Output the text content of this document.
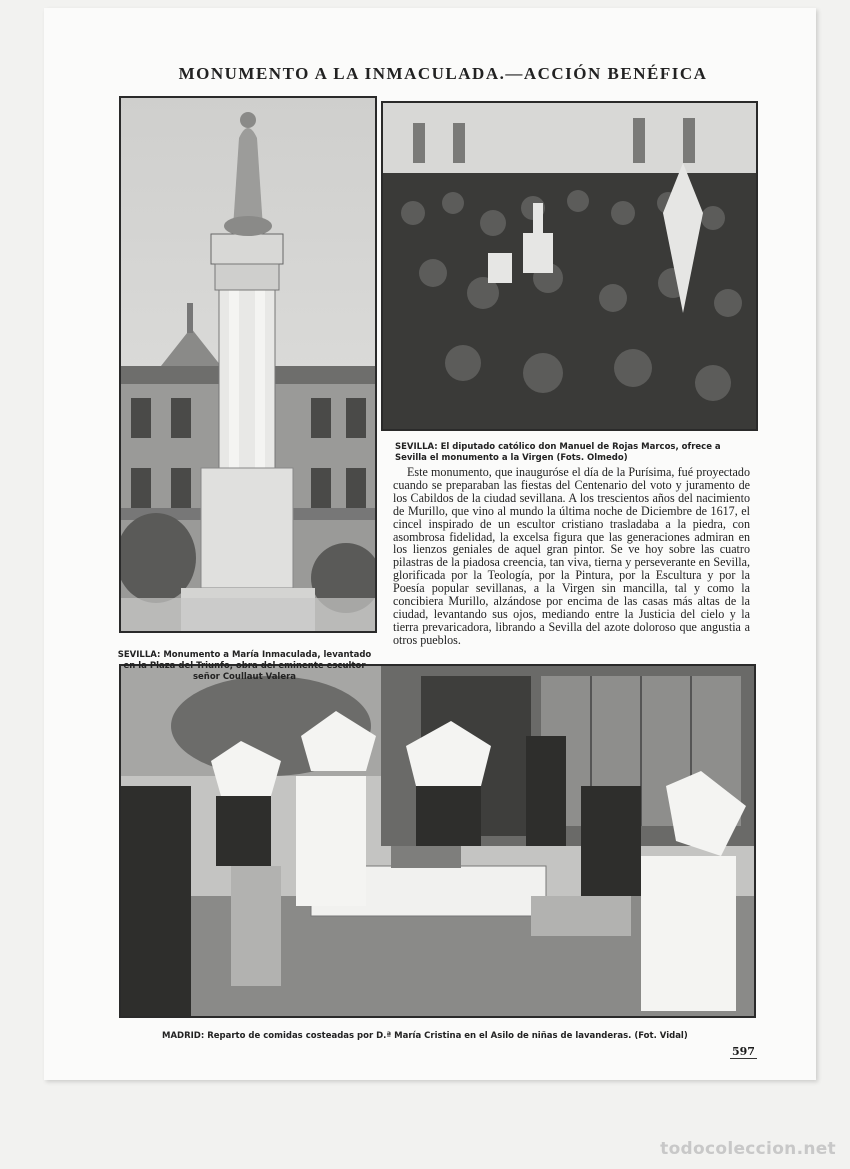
MONUMENTO A LA INMACULADA.—ACCIÓN BENÉFICA
SEVILLA: Monumento a María Inmaculada, levantado en la Plaza del Triunfo, obra del eminente escultor señor Coullaut Valera
SEVILLA: El diputado católico don Manuel de Rojas Marcos, ofrece a Sevilla el monumento a la Virgen (Fots. Olmedo)
Este monumento, que inauguróse el día de la Purísima, fué proyectado cuando se preparaban las fiestas del Centenario del voto y juramento de los Cabildos de la ciudad sevillana. A los trescientos años del nacimiento de Murillo, que vino al mundo la última noche de Diciembre de 1617, el cincel inspirado de un escultor cristiano trasladaba a la piedra, con asombrosa fidelidad, la excelsa figura que las generaciones admiran en los lienzos geniales de aquel gran pintor. Se ve hoy sobre las cuatro pilastras de la piadosa creencia, tan viva, tierna y perseverante en Sevilla, glorificada por la Teología, por la Pintura, por la Escultura y por la Poesía popular sevillanas, a la Virgen sin mancilla, tal y como la concibiera Murillo, alzándose por encima de las casas más altas de la ciudad, levantando sus ojos, mediando entre la Justicia del cielo y la tierra prevaricadora, librando a Sevilla del azote doloroso que angustia a otros pueblos.
MADRID: Reparto de comidas costeadas por D.ª María Cristina en el Asilo de niñas de lavanderas. (Fot. Vidal)
597
todocoleccion.net
